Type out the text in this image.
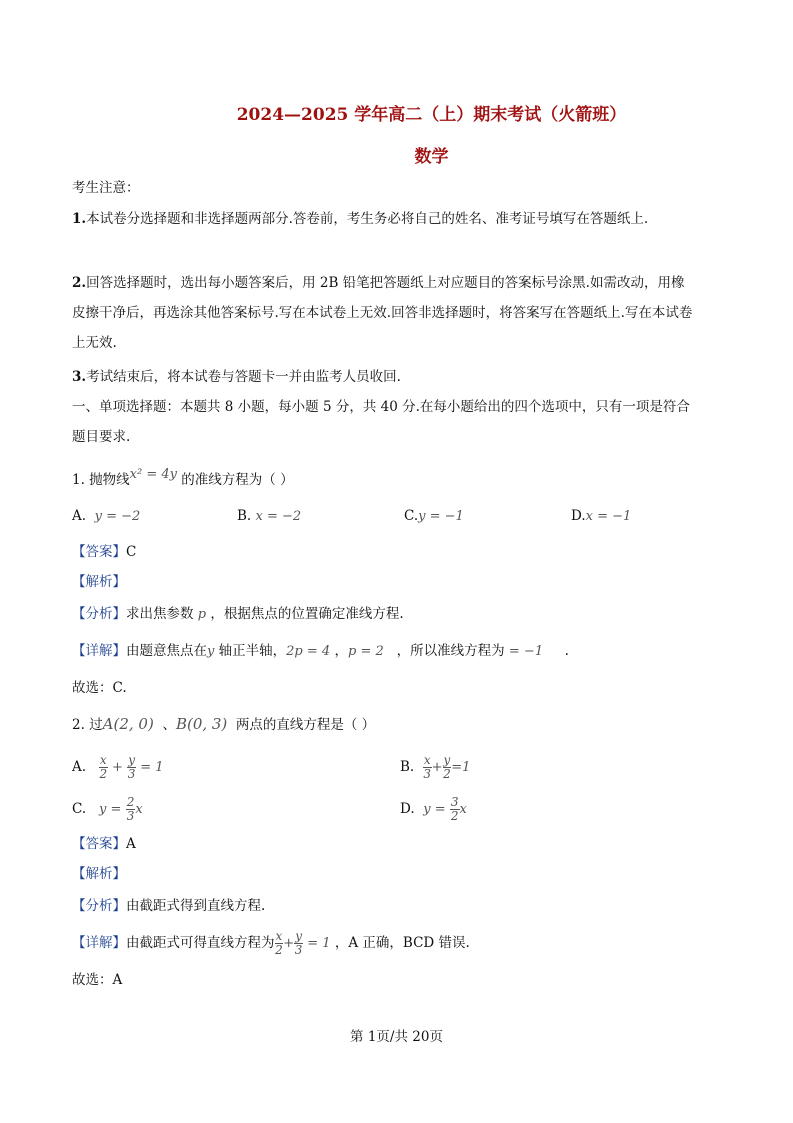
2024—2025 学年高二（上）期末考试（火箭班）
数学
考生注意：
1.本试卷分选择题和非选择题两部分.答卷前，考生务必将自己的姓名、准考证号填写在答题纸上.
2.回答选择题时，选出每小题答案后，用 2B 铅笔把答题纸上对应题目的答案标号涂黑.如需改动，用橡皮擦干净后，再选涂其他答案标号.写在本试卷上无效.回答非选择题时，将答案写在答题纸上.写在本试卷上无效.
3.考试结束后，将本试卷与答题卡一并由监考人员收回.
一、单项选择题：本题共 8 小题，每小题 5 分，共 40 分.在每小题给出的四个选项中，只有一项是符合题目要求.
1. 抛物线x² = 4y 的准线方程为（ ）
A. y = −2	B. x = −2	C.y = −1	D.x = −1
【答案】C
【解析】
【分析】求出焦参数 p ，根据焦点的位置确定准线方程.
【详解】由题意焦点在y 轴正半轴，2p = 4 ，p = 2 ，所以准线方程为 = −1 .
故选：C.
2. 过A(2, 0) 、B(0, 3)  两点的直线方程是（ ）
A. $\frac{x}{2} + \frac{y}{3} = 1$	B. $\frac{x}{3} + \frac{y}{2} =1$
C. $y = \frac{2}{3}$ x	D. $y = \frac{3}{2}$ x
【答案】A
【解析】
【分析】由截距式得到直线方程.
【详解】由截距式可得直线方程为 $\frac{x}{2} + \frac{y}{3} = 1$ ，A 正确，BCD 错误.
故选：A
第 1页/共 20页
